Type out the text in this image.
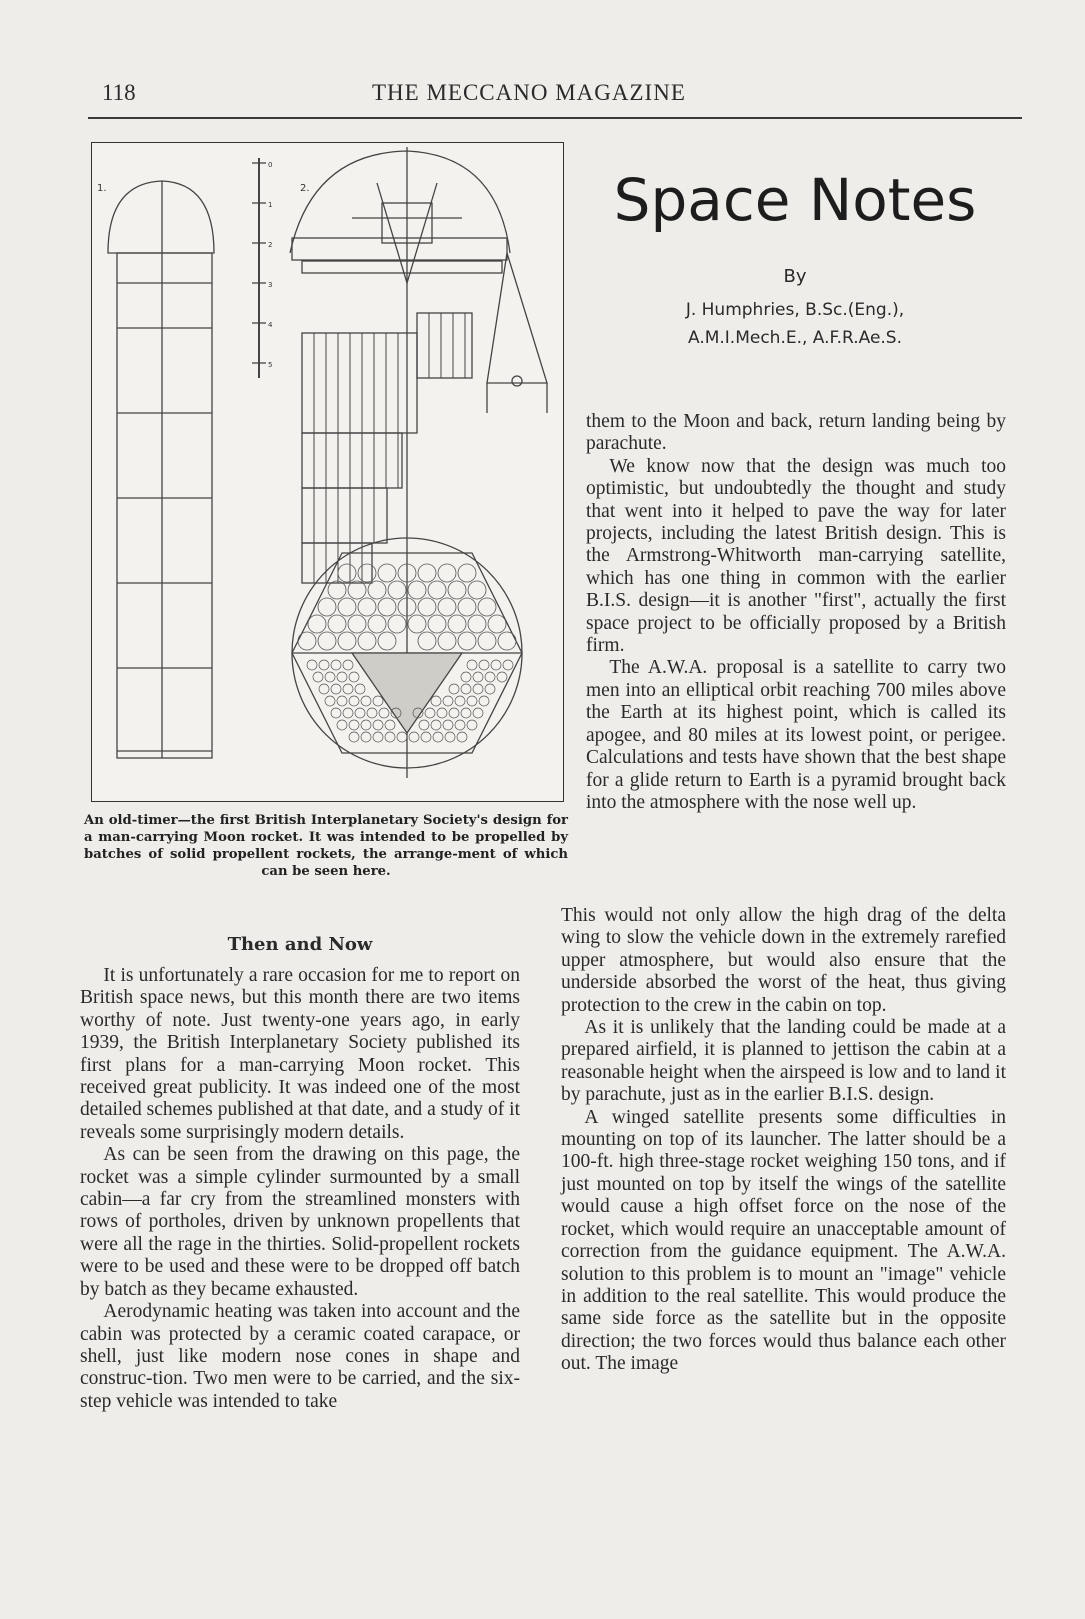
118	THE MECCANO MAGAZINE
1.	2.
0
1
2
3
4
5
An old-timer—the first British Interplanetary Society's design for a man-carrying Moon rocket. It was intended to be propelled by batches of solid propellent rockets, the arrange-ment of which can be seen here.
Space Notes
By
J. Humphries, B.Sc.(Eng.),
A.M.I.Mech.E., A.F.R.Ae.S.
Then and Now

It is unfortunately a rare occasion for me to report on British space news, but this month there are two items worthy of note. Just twenty-one years ago, in early 1939, the British Interplanetary Society published its first plans for a man-carrying Moon rocket. This received great publicity. It was indeed one of the most detailed schemes published at that date, and a study of it reveals some surprisingly modern details.

As can be seen from the drawing on this page, the rocket was a simple cylinder surmounted by a small cabin—a far cry from the streamlined monsters with rows of portholes, driven by unknown propellents that were all the rage in the thirties. Solid-propellent rockets were to be used and these were to be dropped off batch by batch as they became exhausted.

Aerodynamic heating was taken into account and the cabin was protected by a ceramic coated carapace, or shell, just like modern nose cones in shape and construc-tion. Two men were to be carried, and the six-step vehicle was intended to take

them to the Moon and back, return landing being by parachute.

We know now that the design was much too optimistic, but undoubtedly the thought and study that went into it helped to pave the way for later projects, including the latest British design. This is the Armstrong-Whitworth man-carrying satellite, which has one thing in common with the earlier B.I.S. design—it is another "first", actually the first space project to be officially proposed by a British firm.

The A.W.A. proposal is a satellite to carry two men into an elliptical orbit reaching 700 miles above the Earth at its highest point, which is called its apogee, and 80 miles at its lowest point, or perigee. Calculations and tests have shown that the best shape for a glide return to Earth is a pyramid brought back into the atmosphere with the nose well up.

This would not only allow the high drag of the delta wing to slow the vehicle down in the extremely rarefied upper atmosphere, but would also ensure that the underside absorbed the worst of the heat, thus giving protection to the crew in the cabin on top.

As it is unlikely that the landing could be made at a prepared airfield, it is planned to jettison the cabin at a reasonable height when the airspeed is low and to land it by parachute, just as in the earlier B.I.S. design.

A winged satellite presents some difficulties in mounting on top of its launcher. The latter should be a 100-ft. high three-stage rocket weighing 150 tons, and if just mounted on top by itself the wings of the satellite would cause a high offset force on the nose of the rocket, which would require an unacceptable amount of correction from the guidance equipment. The A.W.A. solution to this problem is to mount an "image" vehicle in addition to the real satellite. This would produce the same side force as the satellite but in the opposite direction; the two forces would thus balance each other out. The image
